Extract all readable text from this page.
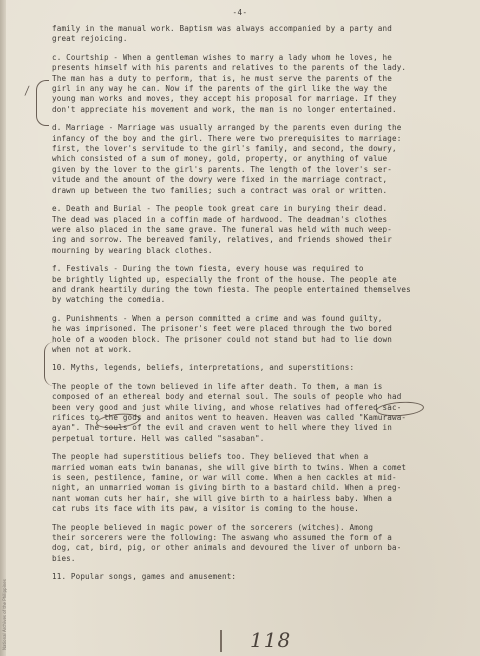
National Archives of the Philippines
-4-
⁄
family in the manual work. Baptism was always accompanied by a party and
great rejoicing.
c. Courtship - When a gentleman wishes to marry a lady whom he loves, he
presents himself with his parents and relatives to the parents of the lady.
The man has a duty to perform, that is, he must serve the parents of the
girl in any way he can. Now if the parents of the girl like the way the
young man works and moves, they accept his proposal for marriage. If they
don't appreciate his movement and work, the man is no longer entertained.
d. Marriage - Marriage was usually arranged by the parents even during the
infancy of the boy and the girl. There were two prerequisites to marriage:
first, the lover's servitude to the girl's family, and second, the dowry,
which consisted of a sum of money, gold, property, or anything of value
given by the lover to the girl's parents. The length of the lover's ser-
vitude and the amount of the dowry were fixed in the marriage contract,
drawn up between the two families; such a contract was oral or written.
e. Death and Burial - The people took great care in burying their dead.
The dead was placed in a coffin made of hardwood. The deadman's clothes
were also placed in the same grave. The funeral was held with much weep-
ing and sorrow. The bereaved family, relatives, and friends showed their
mourning by wearing black clothes.
f. Festivals - During the town fiesta, every house was required to
be brightly lighted up, especially the front of the house. The people ate
and drank heartily during the town fiesta. The people entertained themselves
by watching the comedia.
g. Punishments - When a person committed a crime and was found guilty,
he was imprisoned. The prisoner's feet were placed through the two bored
hole of a wooden block. The prisoner could not stand but had to lie down
when not at work.
10. Myths, legends, beliefs, interpretations, and superstitions:
The people of the town believed in life after death. To them, a man is
composed of an ethereal body and eternal soul. The souls of people who had
been very good and just while living, and whose relatives had offered sac-
rifices to the gods and anitos went to heaven. Heaven was called "Kamurawa-
ayan". The souls of the evil and craven went to hell where they lived in
perpetual torture. Hell was called "sasaban".
The people had superstitious beliefs too. They believed that when a
married woman eats twin bananas, she will give birth to twins. When a comet
is seen, pestilence, famine, or war will come. When a hen cackles at mid-
night, an unmarried woman is giving birth to a bastard child. When a preg-
nant woman cuts her hair, she will give birth to a hairless baby. When a
cat rubs its face with its paw, a visitor is coming to the house.
The people believed in magic power of the sorcerers (witches). Among
their sorcerers were the following: The aswang who assumed the form of a
dog, cat, bird, pig, or other animals and devoured the liver of unborn ba-
bies.
11. Popular songs, games and amusement:
118
